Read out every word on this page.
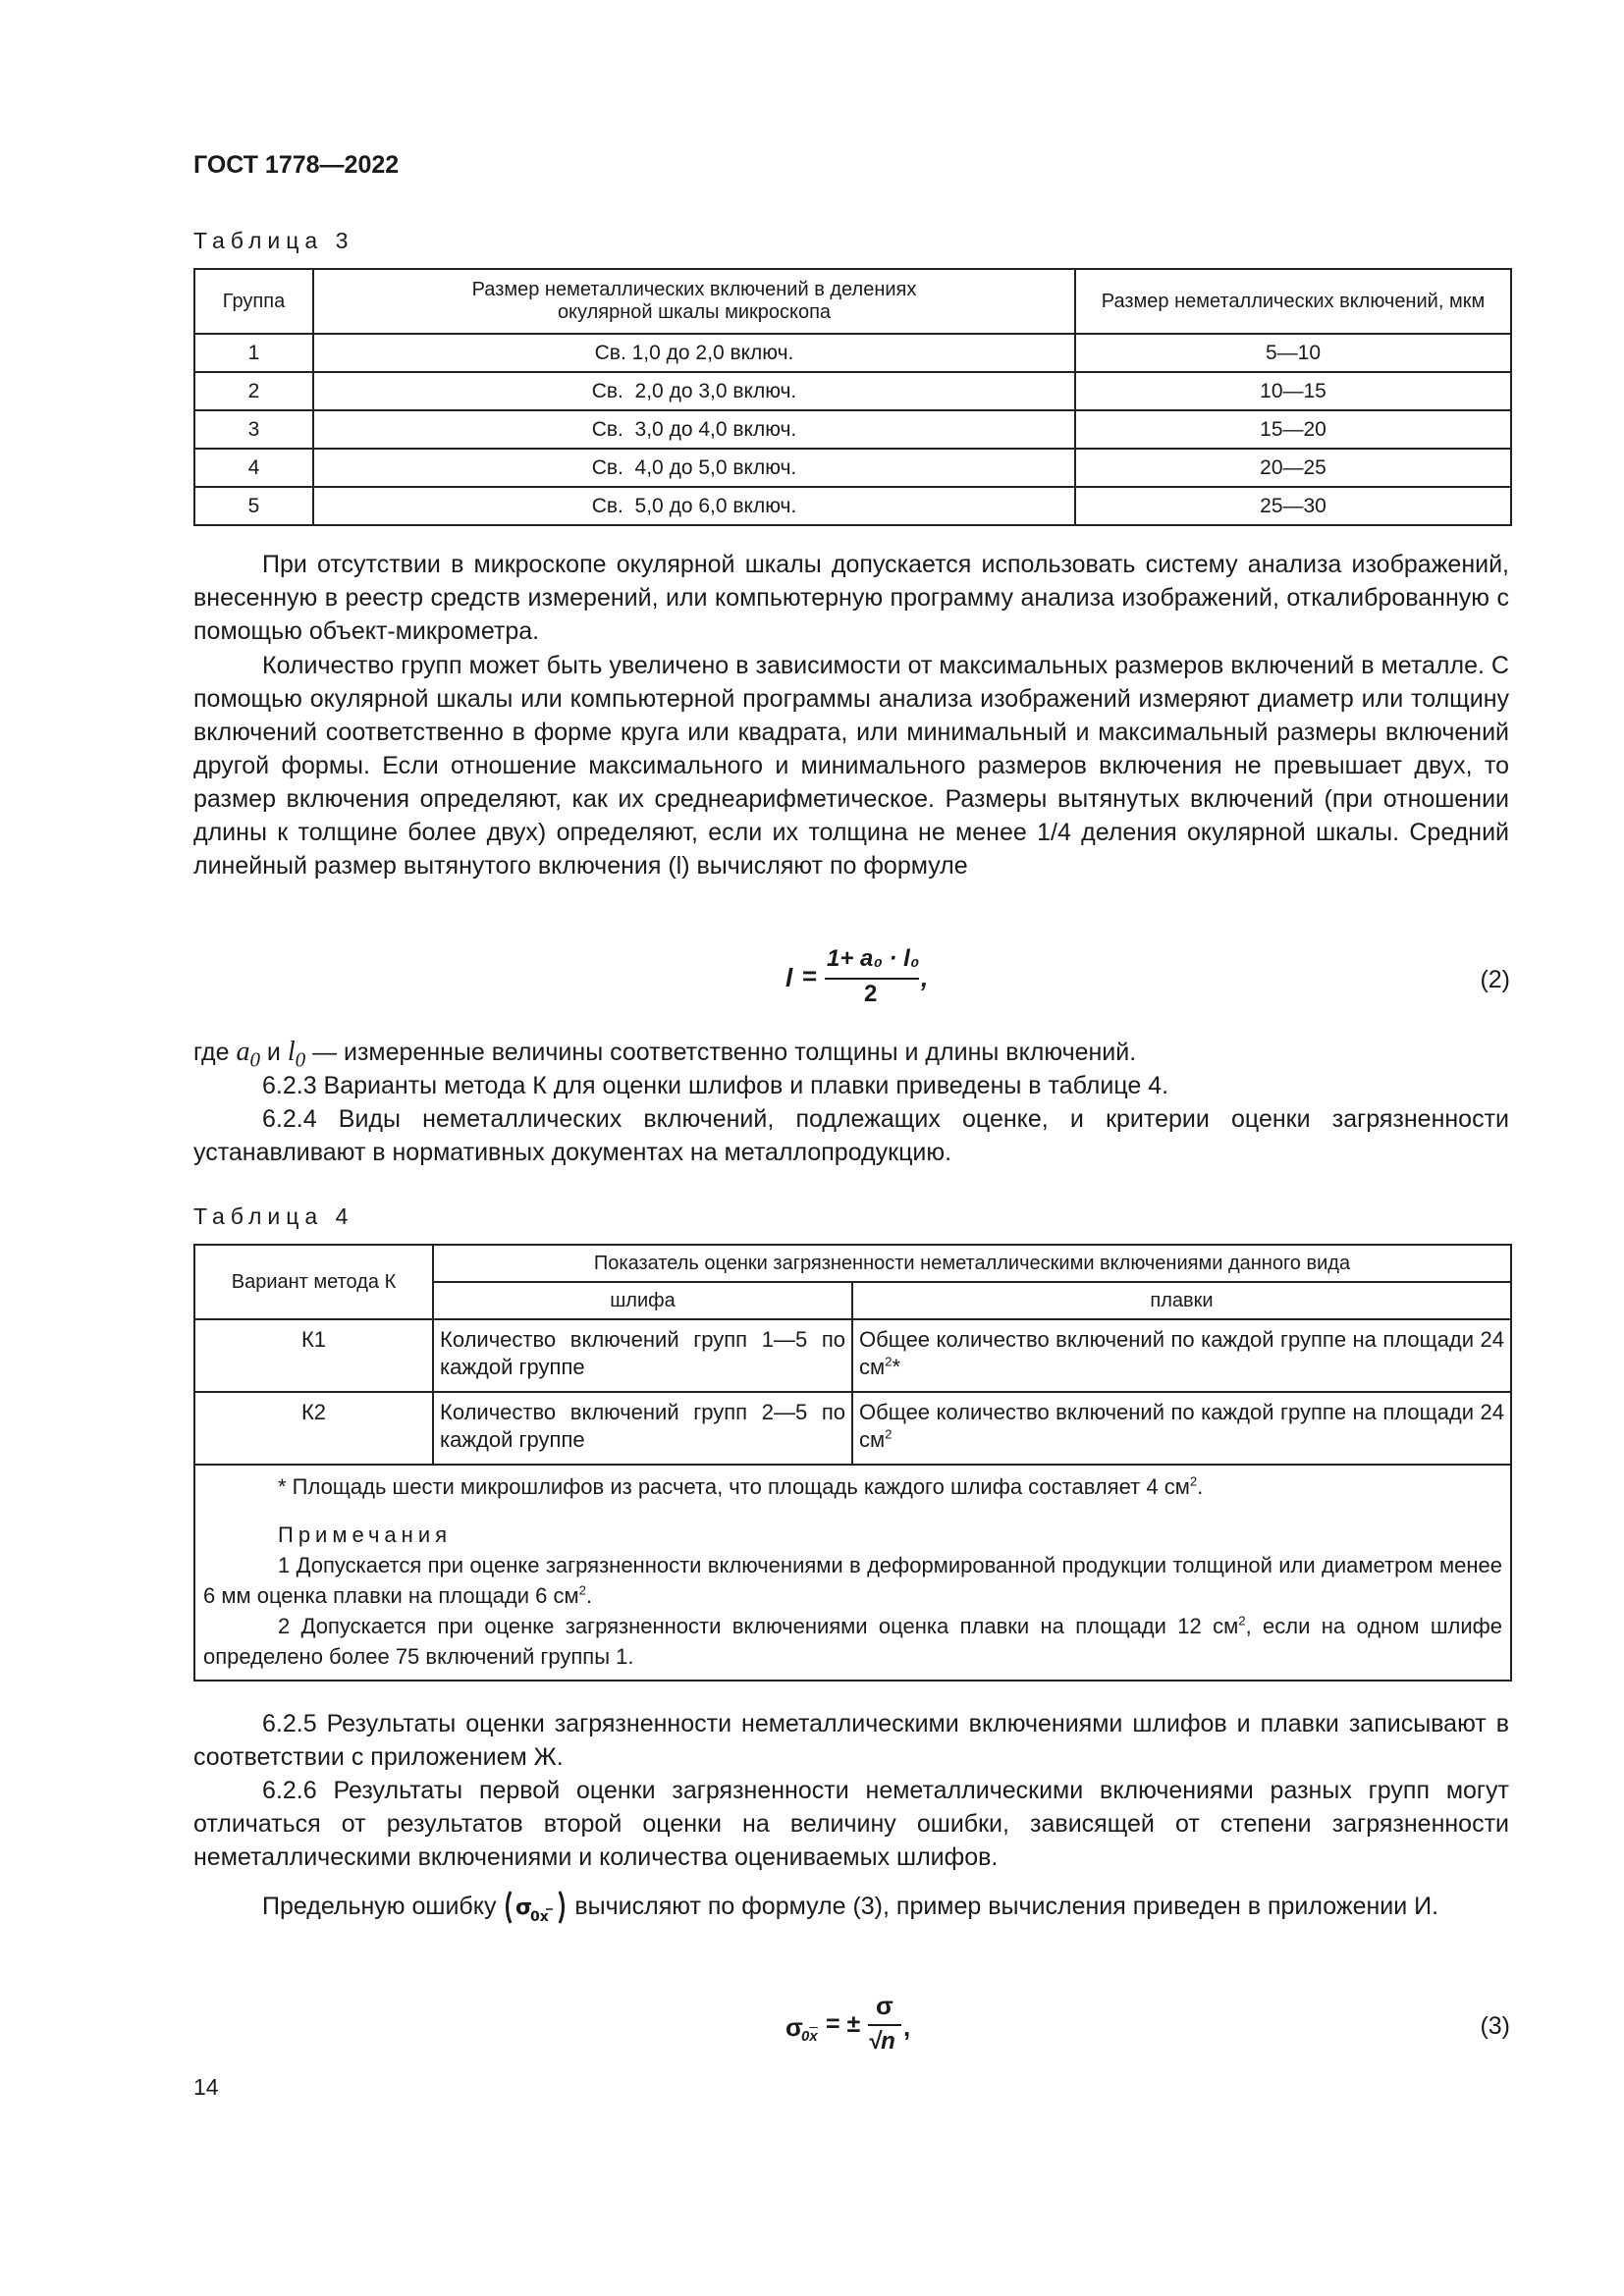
ГОСТ 1778—2022
Таблица 3
Группа	Размер неметаллических включений в делениях окулярной шкалы микроскопа	Размер неметаллических включений, мкм
1	Св. 1,0 до 2,0 включ.	5—10
2	Св.  2,0 до 3,0 включ.	10—15
3	Св.  3,0 до 4,0 включ.	15—20
4	Св.  4,0 до 5,0 включ.	20—25
5	Св.  5,0 до 6,0 включ.	25—30

При отсутствии в микроскопе окулярной шкалы допускается использовать систему анализа изображений, внесенную в реестр средств измерений, или компьютерную программу анализа изображений, откалиброванную с помощью объект-микрометра.

Количество групп может быть увеличено в зависимости от максимальных размеров включений в металле. С помощью окулярной шкалы или компьютерной программы анализа изображений измеряют диаметр или толщину включений соответственно в форме круга или квадрата, или минимальный и максимальный размеры включений другой формы. Если отношение максимального и минимального размеров включения не превышает двух, то размер включения определяют, как их среднеарифметическое. Размеры вытянутых включений (при отношении длины к толщине более двух) определяют, если их толщина не менее 1/4 деления окулярной шкалы. Средний линейный размер вытянутого включения (l) вычисляют по формуле

l =
1+ a₀ · l₀
2
,	(2)
где $a_0$ и $l_0$ — измеренные величины соответственно толщины и длины включений.

6.2.3 Варианты метода К для оценки шлифов и плавки приведены в таблице 4.

6.2.4 Виды неметаллических включений, подлежащих оценке, и критерии оценки загрязненности устанавливают в нормативных документах на металлопродукцию.

Таблица 4
Вариант метода К	Показатель оценки загрязненности неметаллическими включениями данного вида	
	шлифа	плавки
К1	Количество включений групп 1—5 по каждой группе	Общее количество включений по каждой группе на площади 24 $см^2*$
К2	Количество включений групп 2—5 по каждой группе	Общее количество включений по каждой группе на площади 24 $см^2$

* Площадь шести микрошлифов из расчета, что площадь каждого шлифа составляет 4 $см^2$.
Примечания
1 Допускается при оценке загрязненности включениями в деформированной продукции толщиной или диаметром менее 6 мм оценка плавки на площади 6 $см^2$.
2 Допускается при оценке загрязненности включениями оценка плавки на площади 12 $см^2$, если на одном шлифе определено более 75 включений группы 1.		

6.2.5 Результаты оценки загрязненности неметаллическими включениями шлифов и плавки записывают в соответствии с приложением Ж.

6.2.6 Результаты первой оценки загрязненности неметаллическими включениями разных групп могут отличаться от результатов второй оценки на величину ошибки, зависящей от степени загрязненности неметаллическими включениями и количества оцениваемых шлифов.

Предельную ошибку σ
0x вычисляют по формуле (3), пример вычисления приведен в приложении И.
σ
$0\overline{x}$ = ±
σ
√n ,	(3)
14
